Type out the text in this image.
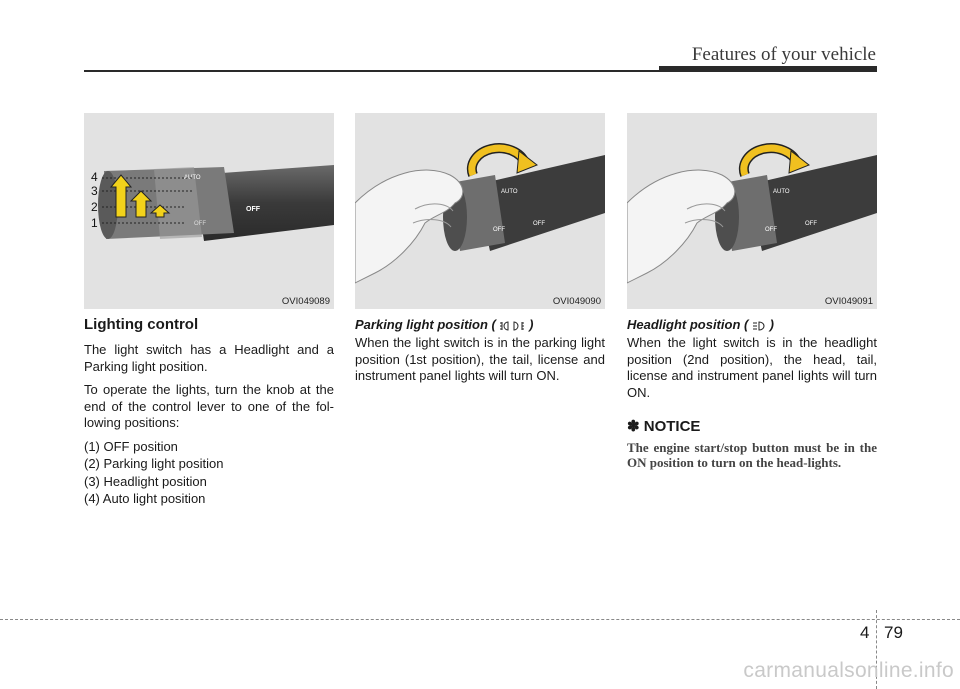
Features of your vehicle
AUTO
OFF
OFF
4
3
2
1
OVI049089
AUTO
OFF
OFF
OVI049090
AUTO
OFF
OFF
OVI049091
Lighting control

The light switch has a Headlight and a Parking light position.

To operate the lights, turn the knob at the end of the control lever to one of the fol-lowing positions:

(1) OFF position
(2) Parking light position
(3) Headlight position
(4) Auto light position
Parking light position (	)

When the light switch is in the parking light position (1st position), the tail, license and instrument panel lights will turn ON.

Headlight position ( )

When the light switch is in the headlight position (2nd position), the head, tail, license and instrument panel lights will turn ON.

✽ NOTICE

The engine start/stop button must be in the ON position to turn on the head-lights.

4 79
carmanualsonline.info
